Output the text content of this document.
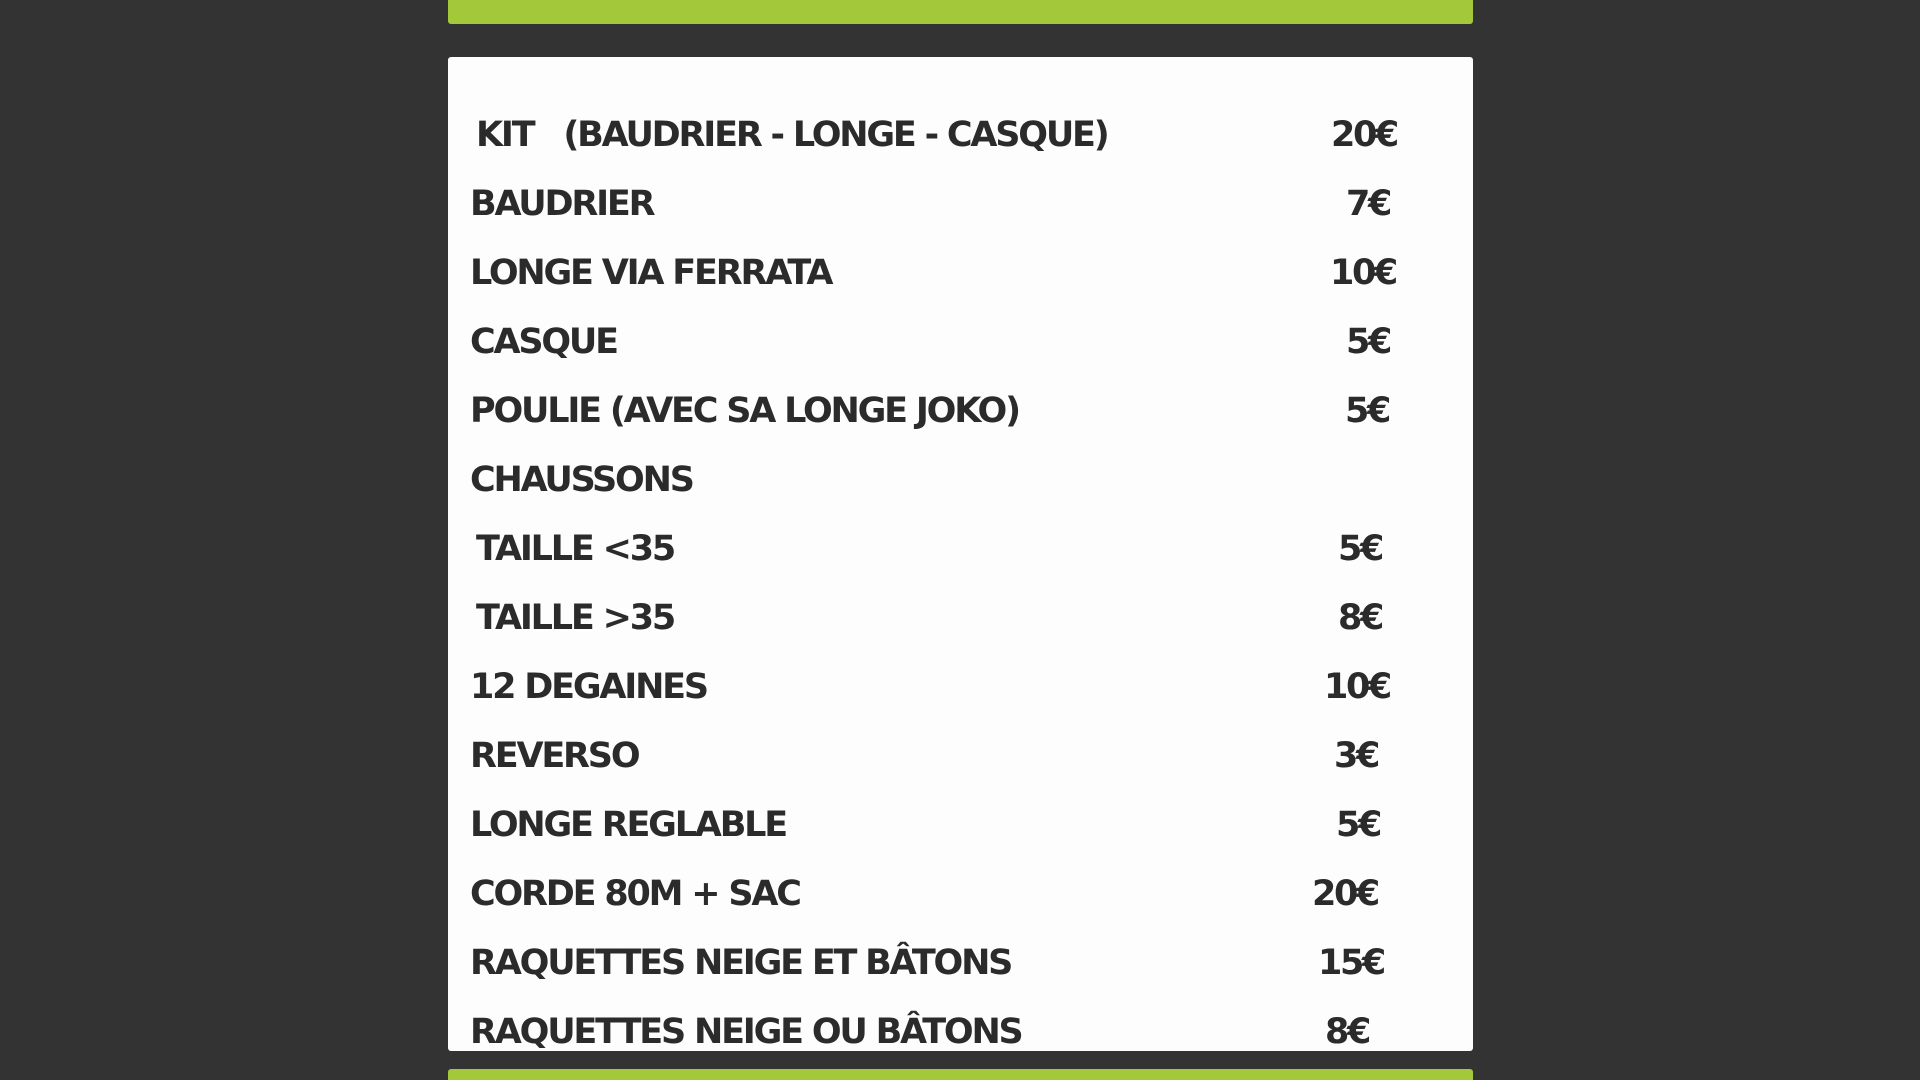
KIT   (BAUDRIER - LONGE - CASQUE)	20€
BAUDRIER	7€
LONGE VIA FERRATA	10€
CASQUE	5€
POULIE (AVEC SA LONGE JOKO)	5€
CHAUSSONS
TAILLE <35	5€
TAILLE >35	8€
12 DEGAINES	10€
REVERSO	3€
LONGE REGLABLE	5€
CORDE 80M + SAC	20€
RAQUETTES NEIGE ET BÂTONS	15€
RAQUETTES NEIGE OU BÂTONS	8€
